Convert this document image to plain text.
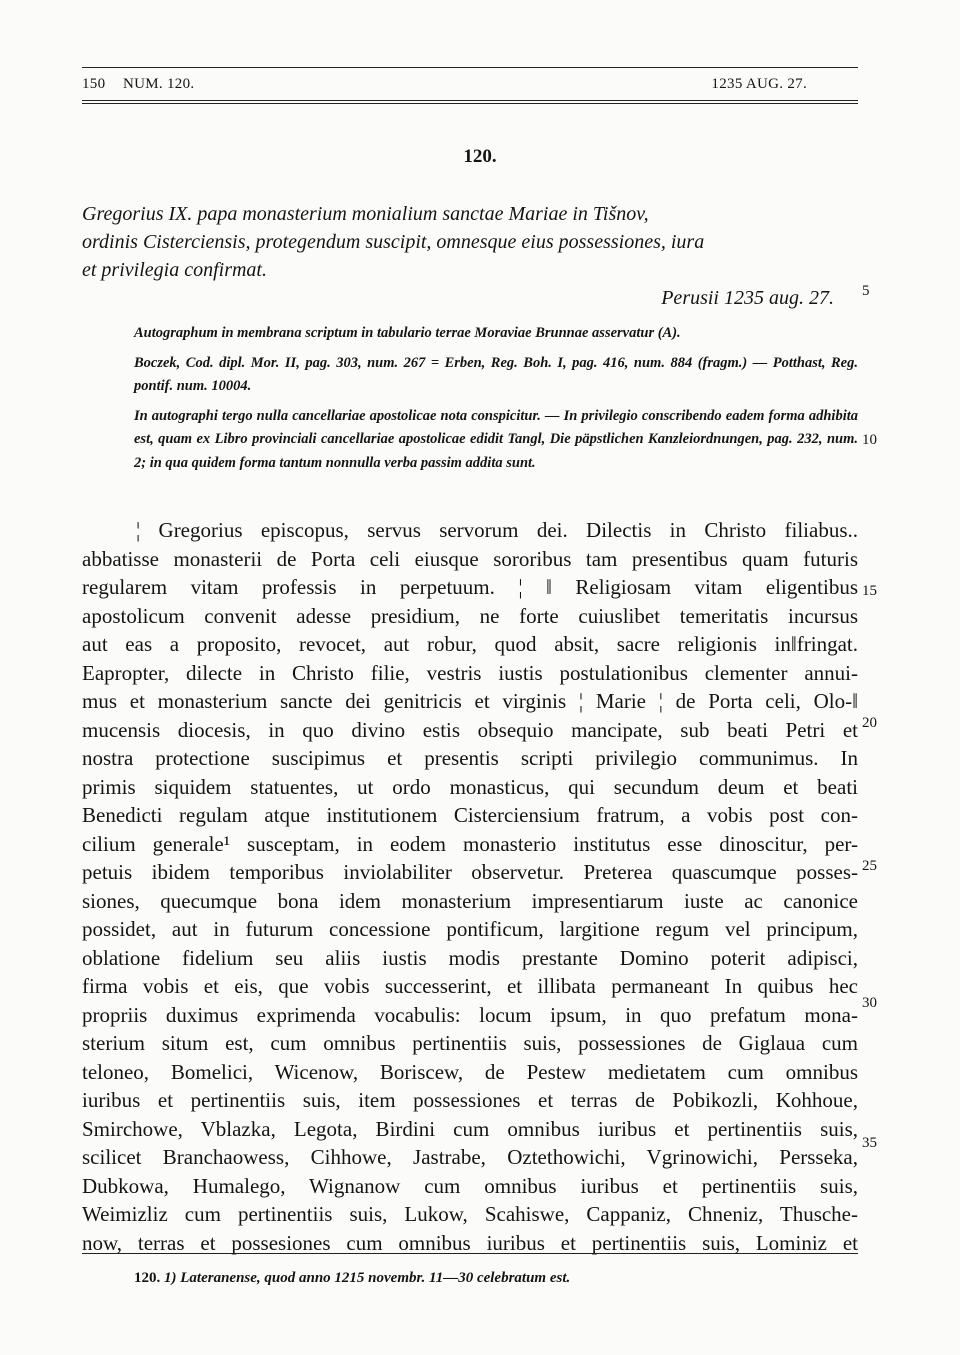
150 NUM. 120.	1235 AUG. 27.
120.

Gregorius IX. papa monasterium monialium sanctae Mariae in Tišnov,

ordinis Cisterciensis, protegendum suscipit, omnesque eius possessiones, iura

et privilegia confirmat.

Perusii 1235 aug. 27.

Autographum in membrana scriptum in tabulario terrae Moraviae Brunnae asservatur (A).

Boczek, Cod. dipl. Mor. II, pag. 303, num. 267 = Erben, Reg. Boh. I, pag. 416, num. 884 (fragm.) — Potthast, Reg. pontif. num. 10004.

In autographi tergo nulla cancellariae apostolicae nota conspicitur. — In privilegio conscribendo eadem forma adhibita est, quam ex Libro provinciali cancellariae apostolicae edidit Tangl, Die päpstlichen Kanzleiordnungen, pag. 232, num. 2; in qua quidem forma tantum nonnulla verba passim addita sunt.

¦ Gregorius episcopus, servus servorum dei. Dilectis in Christo filiabus..
abbatisse monasterii de Porta celi eiusque sororibus tam presentibus quam futuris
regularem vitam professis in perpetuum. ¦ ‖ Religiosam vitam eligentibus
apostolicum convenit adesse presidium, ne forte cuiuslibet temeritatis incursus
aut eas a proposito, revocet, aut robur, quod absit, sacre religionis in‖fringat.
Eapropter, dilecte in Christo filie, vestris iustis postulationibus clementer annui-
mus et monasterium sancte dei genitricis et virginis ¦ Marie ¦ de Porta celi, Olo-‖
mucensis diocesis, in quo divino estis obsequio mancipate, sub beati Petri et
nostra protectione suscipimus et presentis scripti privilegio communimus. In
primis siquidem statuentes, ut ordo monasticus, qui secundum deum et beati
Benedicti regulam atque institutionem Cisterciensium fratrum, a vobis post con-
cilium generale¹ susceptam, in eodem monasterio institutus esse dinoscitur, per-
petuis ibidem temporibus inviolabiliter observetur. Preterea quascumque posses-
siones, quecumque bona idem monasterium impresentiarum iuste ac canonice
possidet, aut in futurum concessione pontificum, largitione regum vel principum,
oblatione fidelium seu aliis iustis modis prestante Domino poterit adipisci,
firma vobis et eis, que vobis successerint, et illibata permaneant In quibus hec
propriis duximus exprimenda vocabulis: locum ipsum, in quo prefatum mona-
sterium situm est, cum omnibus pertinentiis suis, possessiones de Giglaua cum
teloneo, Bomelici, Wicenow, Boriscew, de Pestew medietatem cum omnibus
iuribus et pertinentiis suis, item possessiones et terras de Pobikozli, Kohhoue,
Smirchowe, Vblazka, Legota, Birdini cum omnibus iuribus et pertinentiis suis,
scilicet Branchaowess, Cihhowe, Jastrabe, Oztethowichi, Vgrinowichi, Persseka,
Dubkowa, Humalego, Wignanow cum omnibus iuribus et pertinentiis suis,
Weimizliz cum pertinentiis suis, Lukow, Scahiswe, Cappaniz, Chneniz, Thusche-
now, terras et possesiones cum omnibus iuribus et pertinentiis suis, Lominiz et
5
10
15
20
25
30
35
120. 1) Lateranense, quod anno 1215 novembr. 11—30 celebratum est.
